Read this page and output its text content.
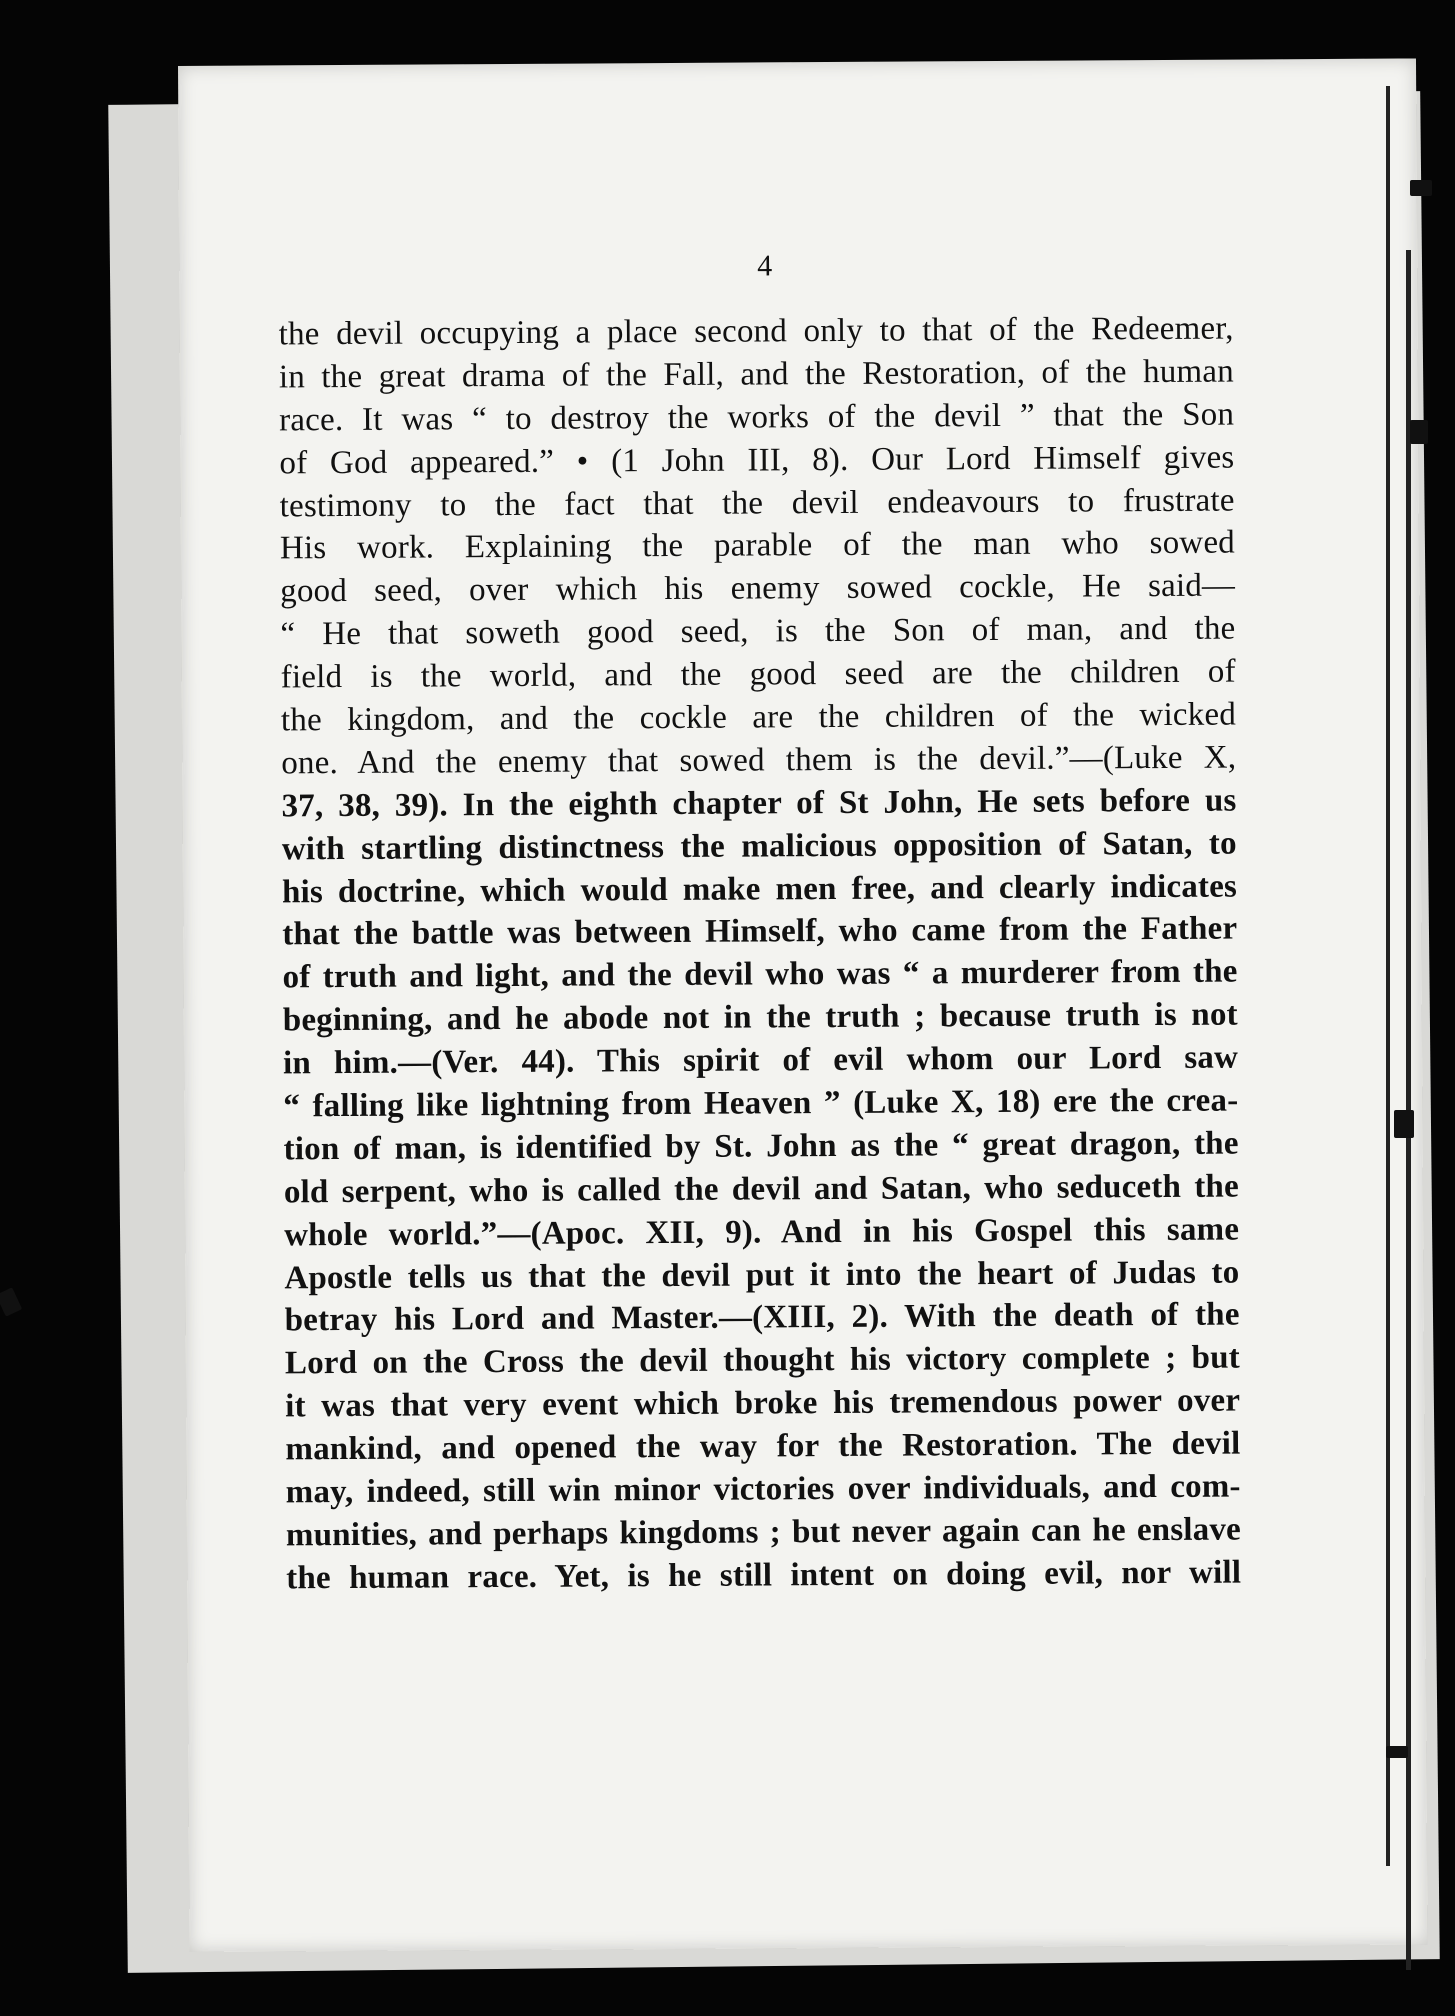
4
the devil occupying a place second only to that of the Redeemer,
in the great drama of the Fall, and the Restoration, of the human
race. It was “ to destroy the works of the devil ” that the Son
of God appeared.” • (1 John III, 8). Our Lord Himself gives
testimony to the fact that the devil endeavours to frustrate
His work. Explaining the parable of the man who sowed
good seed, over which his enemy sowed cockle, He said—
“ He that soweth good seed, is the Son of man, and the
field is the world, and the good seed are the children of
the kingdom, and the cockle are the children of the wicked
one. And the enemy that sowed them is the devil.”—(Luke X,
37, 38, 39). In the eighth chapter of St John, He sets before us
with startling distinctness the malicious opposition of Satan, to
his doctrine, which would make men free, and clearly indicates
that the battle was between Himself, who came from the Father
of truth and light, and the devil who was “ a murderer from the
beginning, and he abode not in the truth ; because truth is not
in him.—(Ver. 44). This spirit of evil whom our Lord saw
“ falling like lightning from Heaven ” (Luke X, 18) ere the crea-
tion of man, is identified by St. John as the “ great dragon, the
old serpent, who is called the devil and Satan, who seduceth the
whole world.”—(Apoc. XII, 9). And in his Gospel this same
Apostle tells us that the devil put it into the heart of Judas to
betray his Lord and Master.—(XIII, 2). With the death of the
Lord on the Cross the devil thought his victory complete ; but
it was that very event which broke his tremendous power over
mankind, and opened the way for the Restoration. The devil
may, indeed, still win minor victories over individuals, and com-
munities, and perhaps kingdoms ; but never again can he enslave
the human race. Yet, is he still intent on doing evil, nor will
